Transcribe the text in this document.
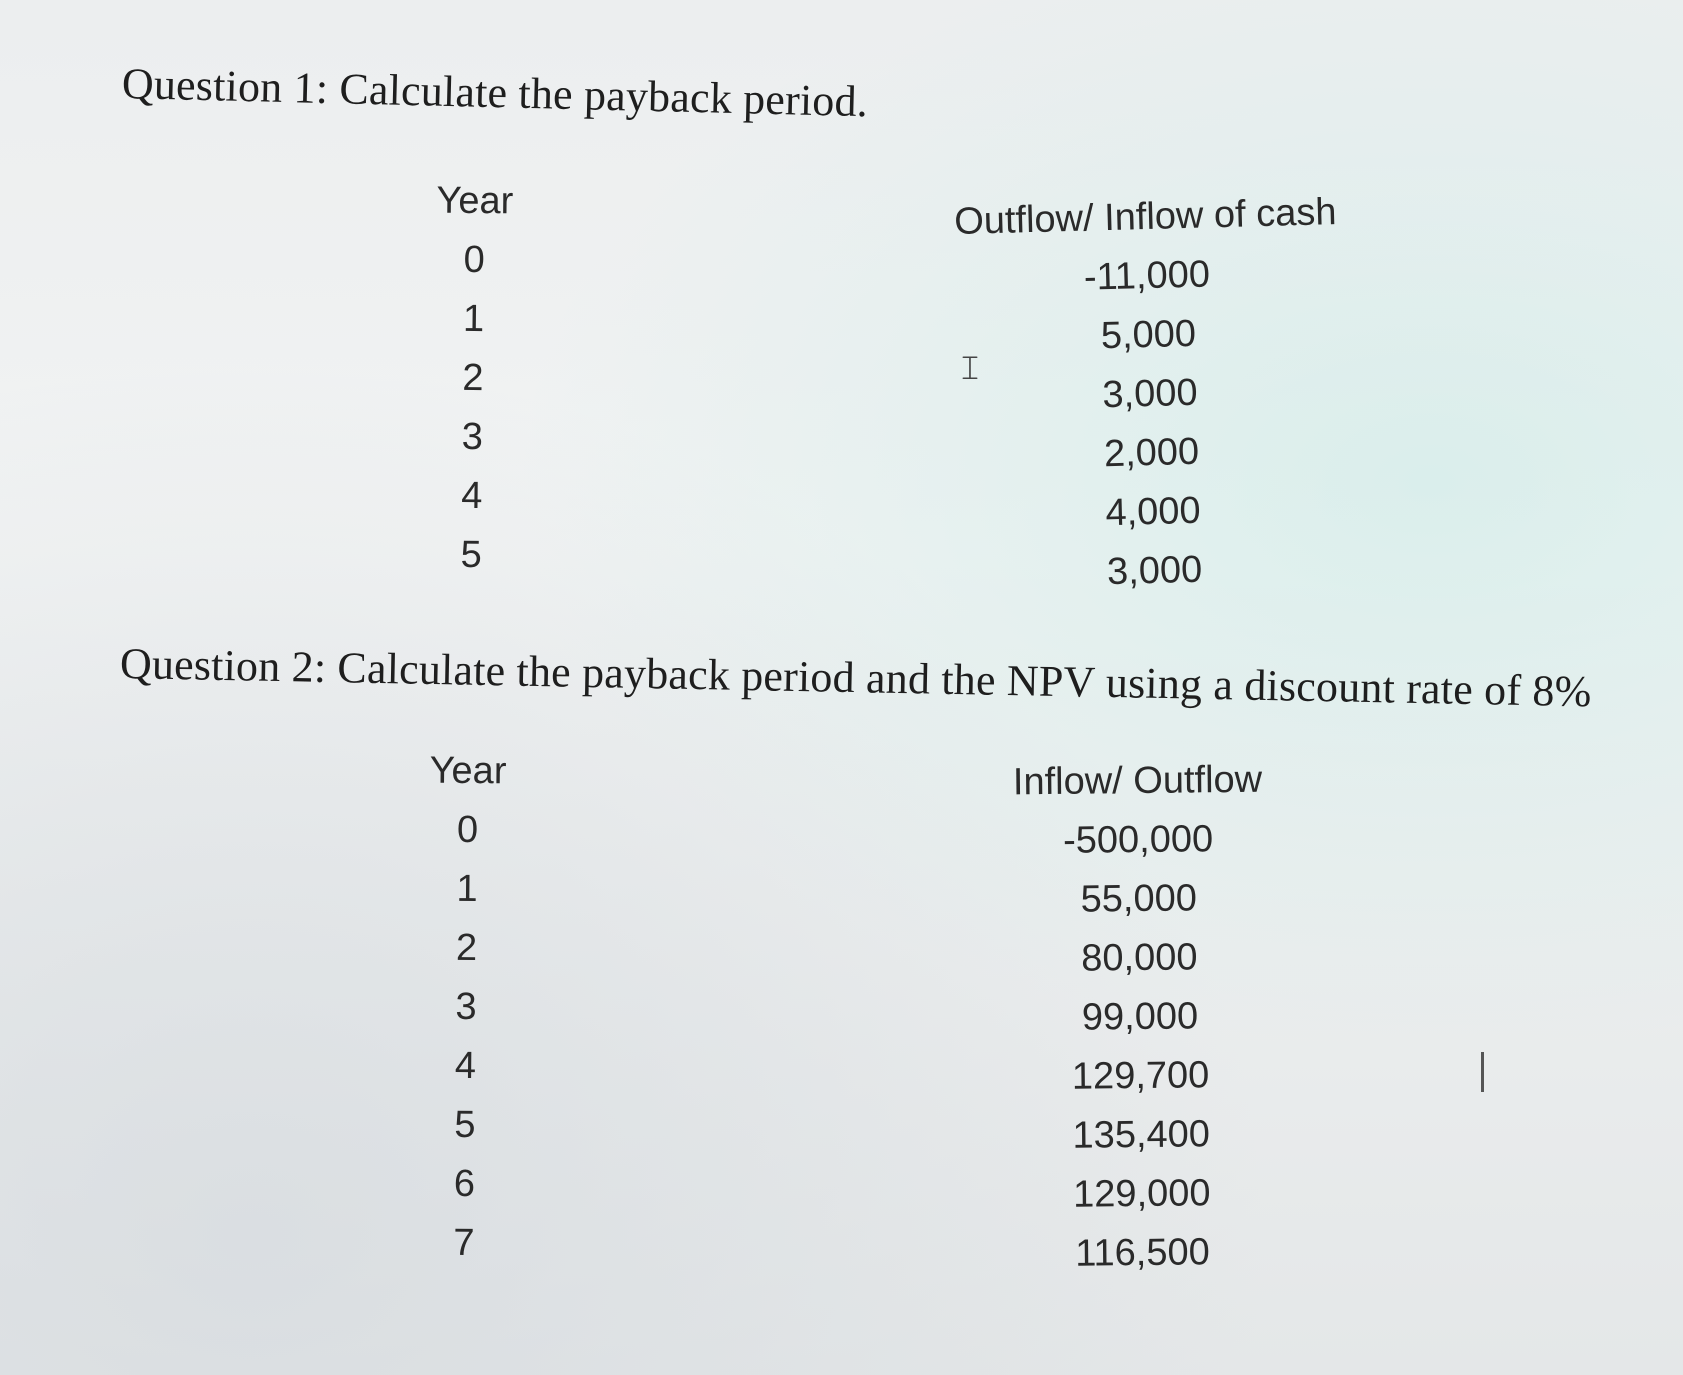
Question 1: Calculate the payback period.
Year
0
1
2
3
4
5
Outflow/ Inflow of cash
-11,000
5,000
3,000
2,000
4,000
3,000
𝙸
Question 2: Calculate the payback period and the NPV using a discount rate of 8%
Year
0
1
2
3
4
5
6
7
Inflow/ Outflow
-500,000
55,000
80,000
99,000
129,700
135,400
129,000
116,500
